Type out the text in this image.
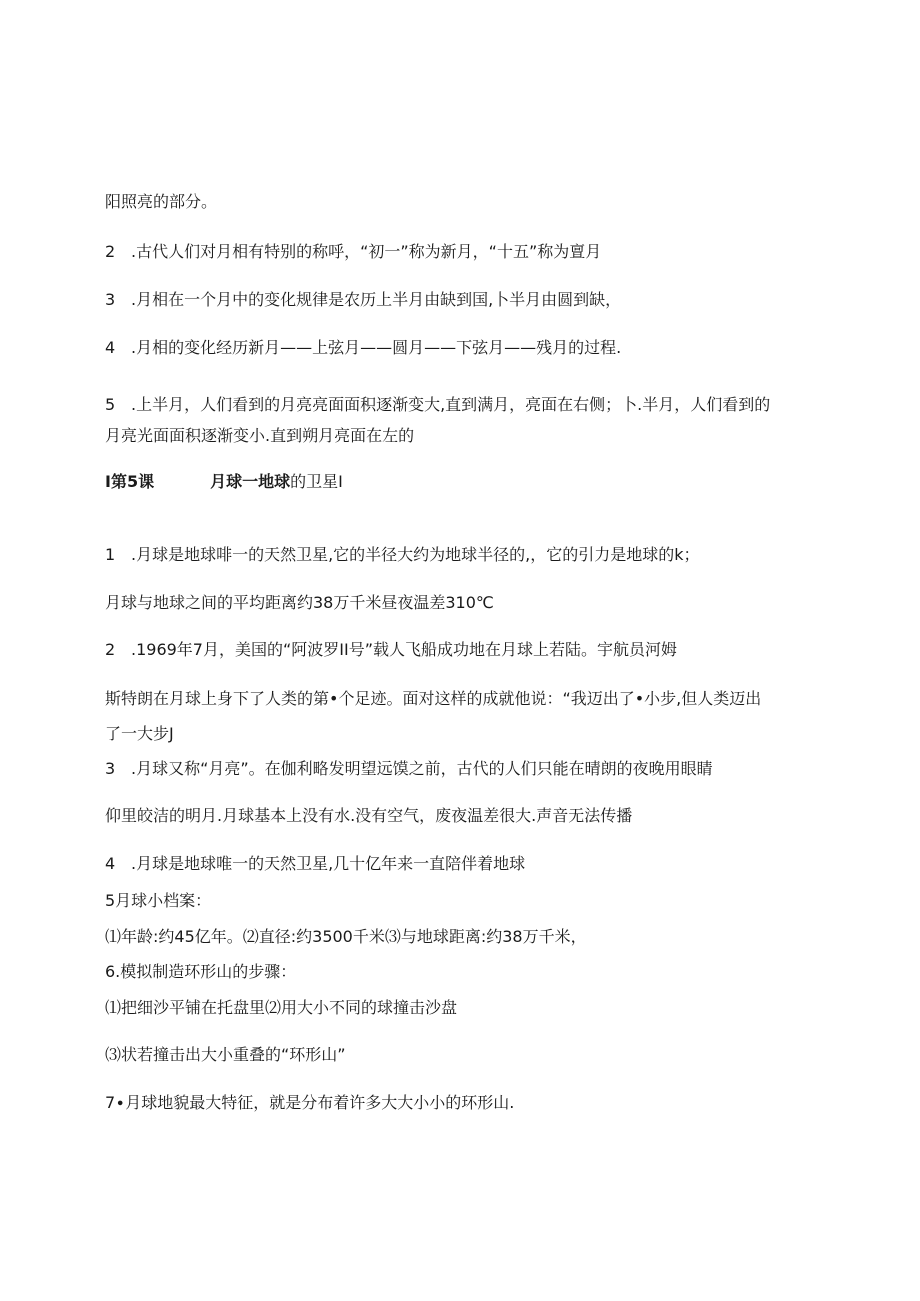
阳照亮的部分。
2 .古代人们对月相有特别的称呼，“初一”称为新月，“十五”称为亶月
3 .月相在一个月中的变化规律是农历上半月由缺到国,卜半月由圆到缺，
4 .月相的变化经历新月——上弦月——圆月——下弦月——残月的过程.
5 .上半月，人们看到的月亮亮面面积逐渐变大,直到满月，亮面在右侧；卜.半月，人们看到的
月亮光面面积逐渐变小.直到朔月亮面在左的
I第5课	月球一地球的卫星I
1 .月球是地球啡一的天然卫星,它的半径大约为地球半径的,，它的引力是地球的k；
月球与地球之间的平均距离约38万千米昼夜温差310℃
2 .1969年7月，美国的“阿波罗II号”载人飞船成功地在月球上若陆。宇航员河姆
斯特朗在月球上身下了人类的第•个足迹。面对这样的成就他说：“我迈出了•小步,但人类迈出
了一大步J
3 .月球又称“月亮”。在伽利略发明望远馍之前，古代的人们只能在晴朗的夜晚用眼睛
仰里皎洁的明月.月球基本上没有水.没有空气，废夜温差很大.声音无法传播
4 .月球是地球唯一的天然卫星,几十亿年来一直陪伴着地球
5月球小档案：
⑴年龄:约45亿年。⑵直径:约3500千米⑶与地球距离:约38万千米，
6.模拟制造环形山的步骤：
⑴把细沙平铺在托盘里⑵用大小不同的球撞击沙盘
⑶状若撞击出大小重叠的“环形山”
7∙月球地貌最大特征，就是分布着许多大大小小的环形山.
